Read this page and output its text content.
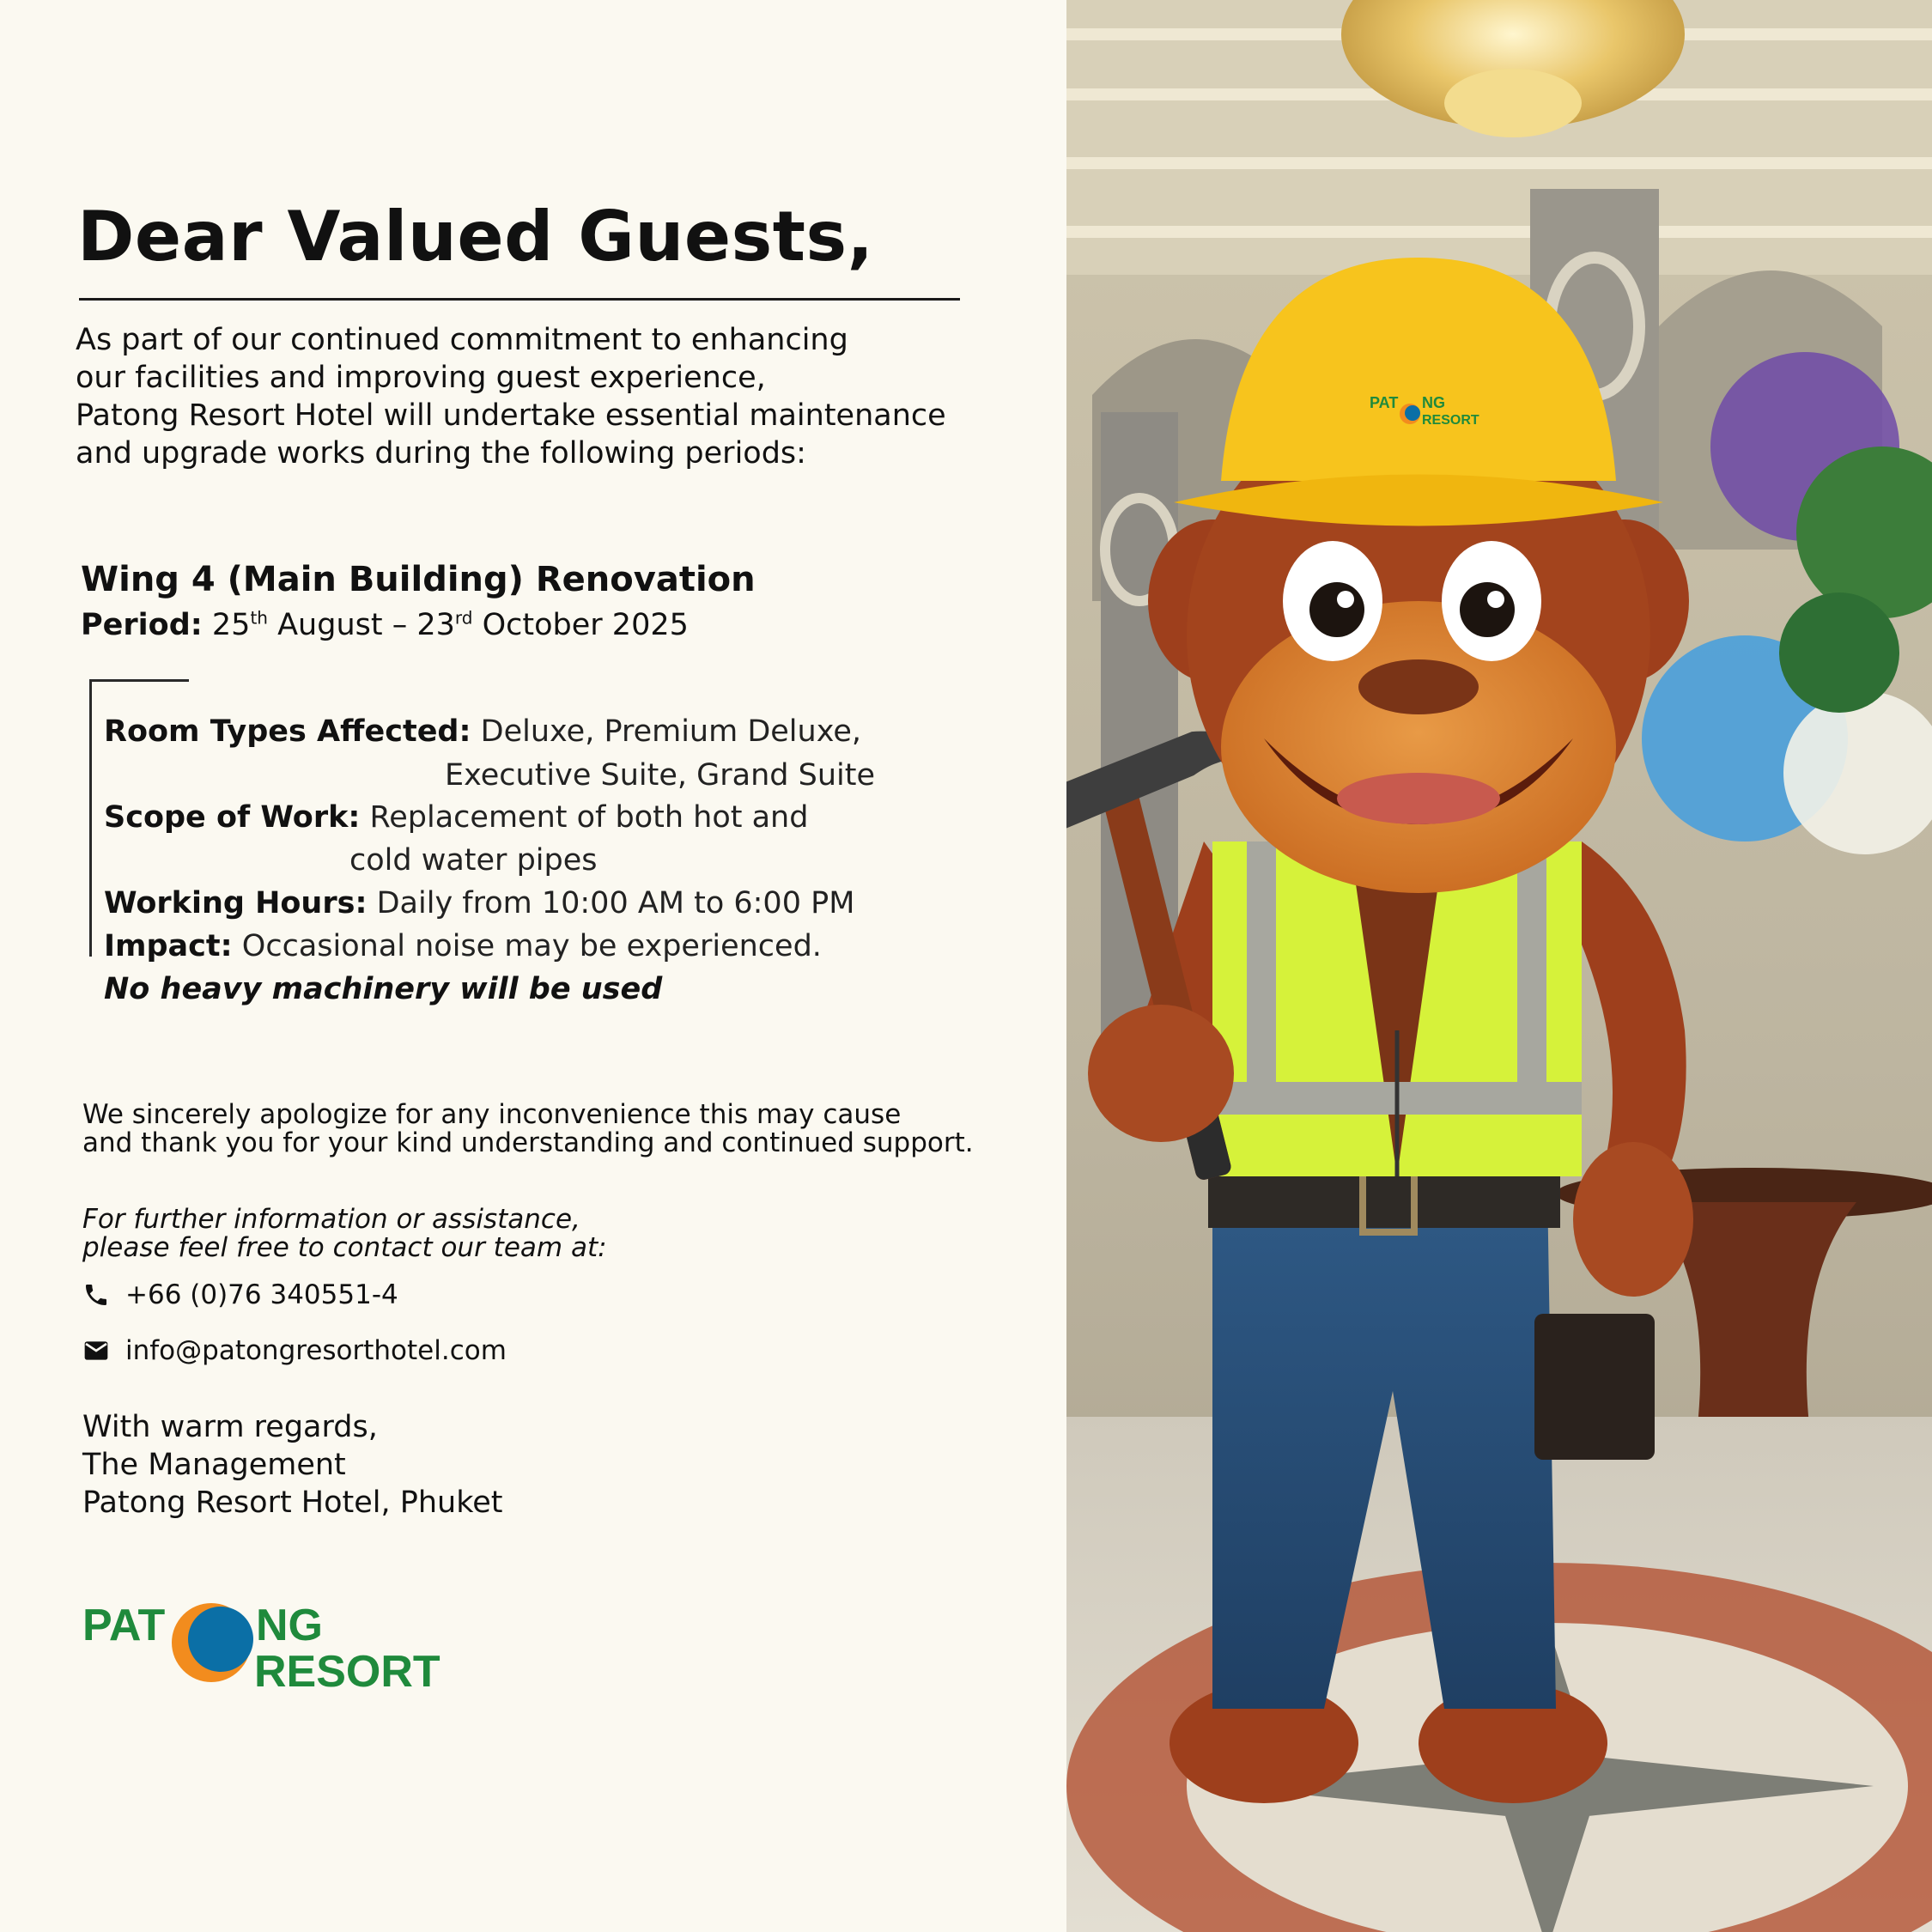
Dear Valued Guests,
As part of our continued commitment to enhancing
our facilities and improving guest experience,
Patong Resort Hotel will undertake essential maintenance
and upgrade works during the following periods:
Wing 4 (Main Building) Renovation
Period: 25th August – 23rd October 2025
Room Types Affected: Deluxe, Premium Deluxe,
Executive Suite, Grand Suite
Scope of Work: Replacement of both hot and
cold water pipes
Working Hours: Daily from 10:00 AM to 6:00 PM
Impact: Occasional noise may be experienced.
No heavy machinery will be used
We sincerely apologize for any inconvenience this may cause
and thank you for your kind understanding and continued support.
For further information or assistance,
please feel free to contact our team at:
+66 (0)76 340551-4
info@patongresorthotel.com
With warm regards,
The Management
Patong Resort Hotel, Phuket
PAT NG
RESORT
PAT NG
RESORT
